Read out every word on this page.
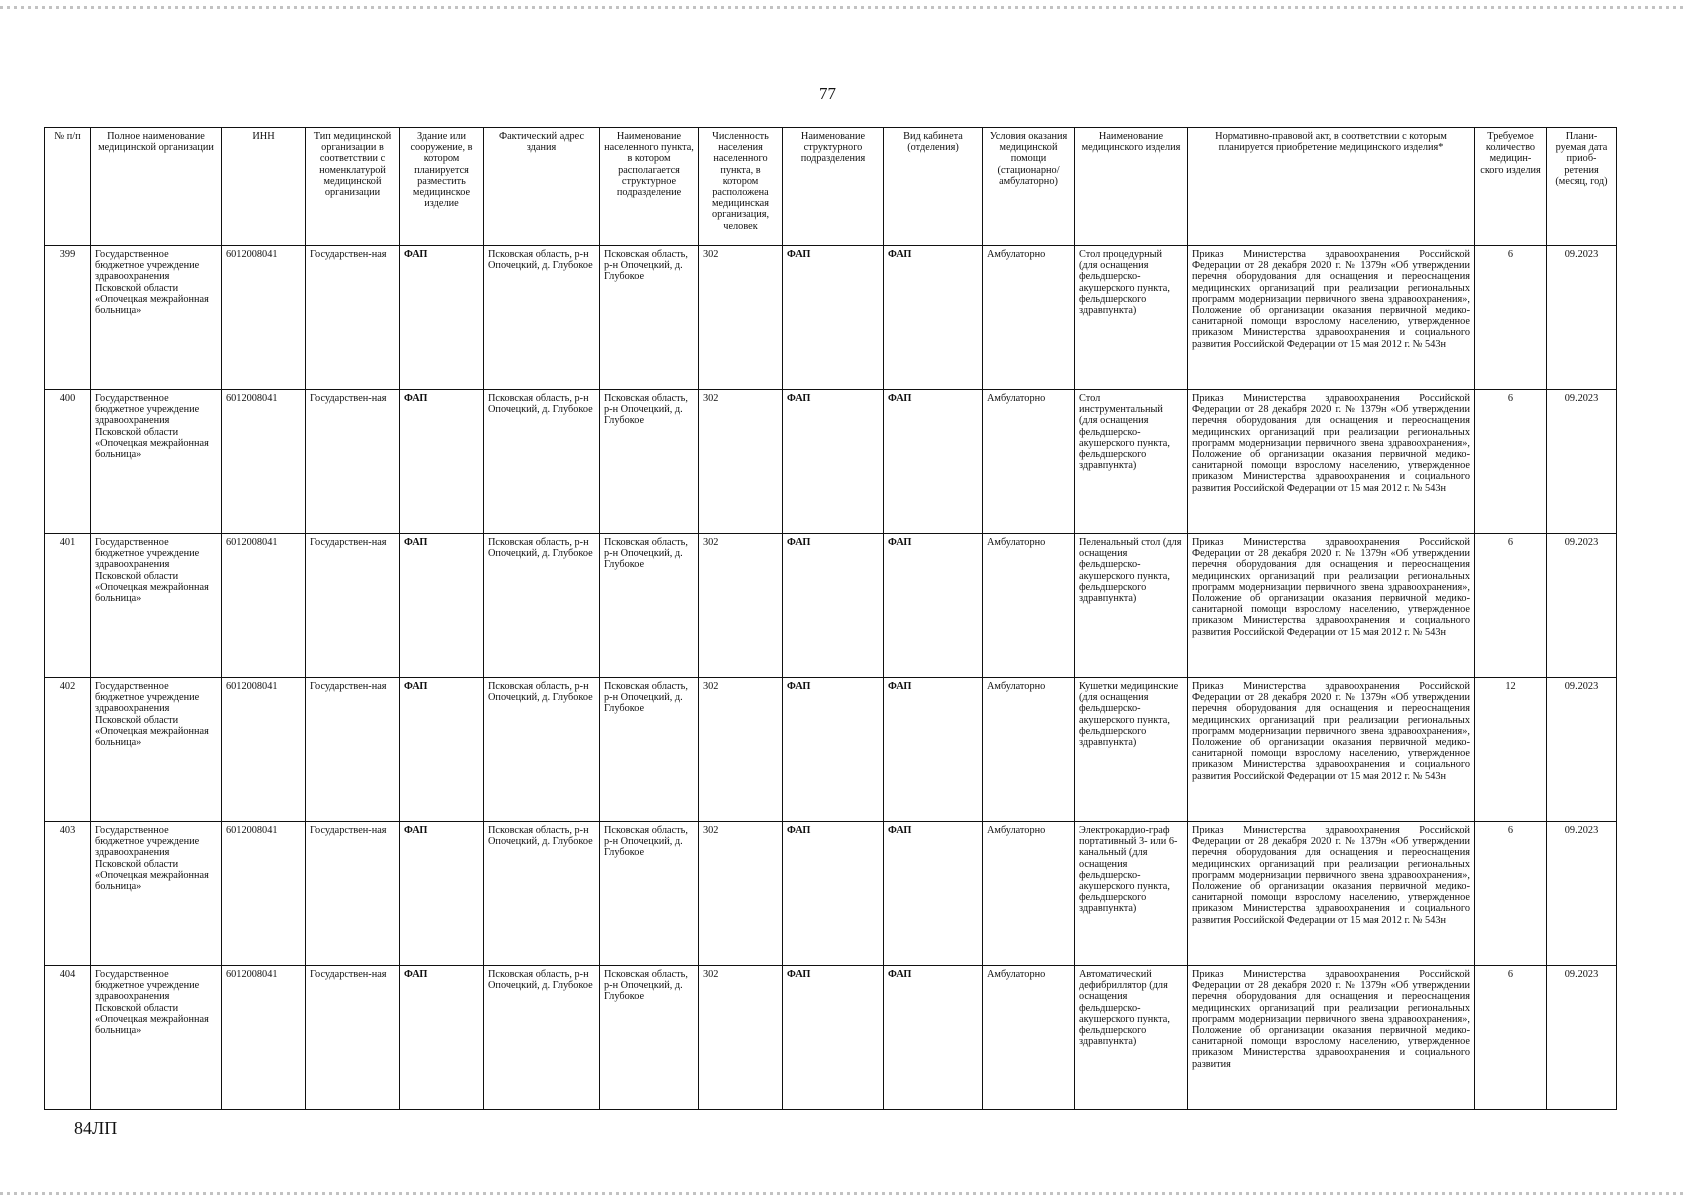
77
№ п/п	Полное наименование медицинской организации	ИНН	Тип медицинской организации в соответствии с номенклатурой медицинской организации	Здание или сооружение, в котором планируется разместить медицинское изделие	Фактический адрес здания	Наименование населенного пункта, в котором располагается структурное подразделение	Численность населения населенного пункта, в котором расположена медицинская организация, человек	Наименование структурного подразделения	Вид кабинета (отделения)	Условия оказания медицинской помощи (стационарно/ амбулаторно)	Наименование медицинского изделия	Нормативно-правовой акт, в соответствии с которым планируется приобретение медицинского изделия*	Требуемое количество медицин-ского изделия	Плани-руемая дата приоб-ретения (месяц, год)
399	Государственное бюджетное учреждение здравоохранения Псковской области «Опочецкая межрайонная больница»	6012008041	Государствен-ная	ФАП	Псковская область, р-н Опочецкий, д. Глубокое	Псковская область, р-н Опочецкий, д. Глубокое	302	ФАП	ФАП	Амбулаторно	Стол процедурный (для оснащения фельдшерско-акушерского пункта, фельдшерского здравпункта)	Приказ Министерства здравоохранения Российской Федерации от 28 декабря 2020 г. № 1379н «Об утверждении перечня оборудования для оснащения и переоснащения медицинских организаций при реализации региональных программ модернизации первичного звена здравоохранения», Положение об организации оказания первичной медико-санитарной помощи взрослому населению, утвержденное приказом Министерства здравоохранения и социального развития Российской Федерации от 15 мая 2012 г. № 543н	6	09.2023
400	Государственное бюджетное учреждение здравоохранения Псковской области «Опочецкая межрайонная больница»	6012008041	Государствен-ная	ФАП	Псковская область, р-н Опочецкий, д. Глубокое	Псковская область, р-н Опочецкий, д. Глубокое	302	ФАП	ФАП	Амбулаторно	Стол инструментальный (для оснащения фельдшерско-акушерского пункта, фельдшерского здравпункта)	Приказ Министерства здравоохранения Российской Федерации от 28 декабря 2020 г. № 1379н «Об утверждении перечня оборудования для оснащения и переоснащения медицинских организаций при реализации региональных программ модернизации первичного звена здравоохранения», Положение об организации оказания первичной медико-санитарной помощи взрослому населению, утвержденное приказом Министерства здравоохранения и социального развития Российской Федерации от 15 мая 2012 г. № 543н	6	09.2023
401	Государственное бюджетное учреждение здравоохранения Псковской области «Опочецкая межрайонная больница»	6012008041	Государствен-ная	ФАП	Псковская область, р-н Опочецкий, д. Глубокое	Псковская область, р-н Опочецкий, д. Глубокое	302	ФАП	ФАП	Амбулаторно	Пеленальный стол (для оснащения фельдшерско-акушерского пункта, фельдшерского здравпункта)	Приказ Министерства здравоохранения Российской Федерации от 28 декабря 2020 г. № 1379н «Об утверждении перечня оборудования для оснащения и переоснащения медицинских организаций при реализации региональных программ модернизации первичного звена здравоохранения», Положение об организации оказания первичной медико-санитарной помощи взрослому населению, утвержденное приказом Министерства здравоохранения и социального развития Российской Федерации от 15 мая 2012 г. № 543н	6	09.2023
402	Государственное бюджетное учреждение здравоохранения Псковской области «Опочецкая межрайонная больница»	6012008041	Государствен-ная	ФАП	Псковская область, р-н Опочецкий, д. Глубокое	Псковская область, р-н Опочецкий, д. Глубокое	302	ФАП	ФАП	Амбулаторно	Кушетки медицинские (для оснащения фельдшерско-акушерского пункта, фельдшерского здравпункта)	Приказ Министерства здравоохранения Российской Федерации от 28 декабря 2020 г. № 1379н «Об утверждении перечня оборудования для оснащения и переоснащения медицинских организаций при реализации региональных программ модернизации первичного звена здравоохранения», Положение об организации оказания первичной медико-санитарной помощи взрослому населению, утвержденное приказом Министерства здравоохранения и социального развития Российской Федерации от 15 мая 2012 г. № 543н	12	09.2023
403	Государственное бюджетное учреждение здравоохранения Псковской области «Опочецкая межрайонная больница»	6012008041	Государствен-ная	ФАП	Псковская область, р-н Опочецкий, д. Глубокое	Псковская область, р-н Опочецкий, д. Глубокое	302	ФАП	ФАП	Амбулаторно	Электрокардио-граф портативный 3- или 6-канальный (для оснащения фельдшерско-акушерского пункта, фельдшерского здравпункта)	Приказ Министерства здравоохранения Российской Федерации от 28 декабря 2020 г. № 1379н «Об утверждении перечня оборудования для оснащения и переоснащения медицинских организаций при реализации региональных программ модернизации первичного звена здравоохранения», Положение об организации оказания первичной медико-санитарной помощи взрослому населению, утвержденное приказом Министерства здравоохранения и социального развития Российской Федерации от 15 мая 2012 г. № 543н	6	09.2023
404	Государственное бюджетное учреждение здравоохранения Псковской области «Опочецкая межрайонная больница»	6012008041	Государствен-ная	ФАП	Псковская область, р-н Опочецкий, д. Глубокое	Псковская область, р-н Опочецкий, д. Глубокое	302	ФАП	ФАП	Амбулаторно	Автоматический дефибриллятор (для оснащения фельдшерско-акушерского пункта, фельдшерского здравпункта)	Приказ Министерства здравоохранения Российской Федерации от 28 декабря 2020 г. № 1379н «Об утверждении перечня оборудования для оснащения и переоснащения медицинских организаций при реализации региональных программ модернизации первичного звена здравоохранения», Положение об организации оказания первичной медико-санитарной помощи взрослому населению, утвержденное приказом Министерства здравоохранения и социального развития	6	09.2023
84ЛП
